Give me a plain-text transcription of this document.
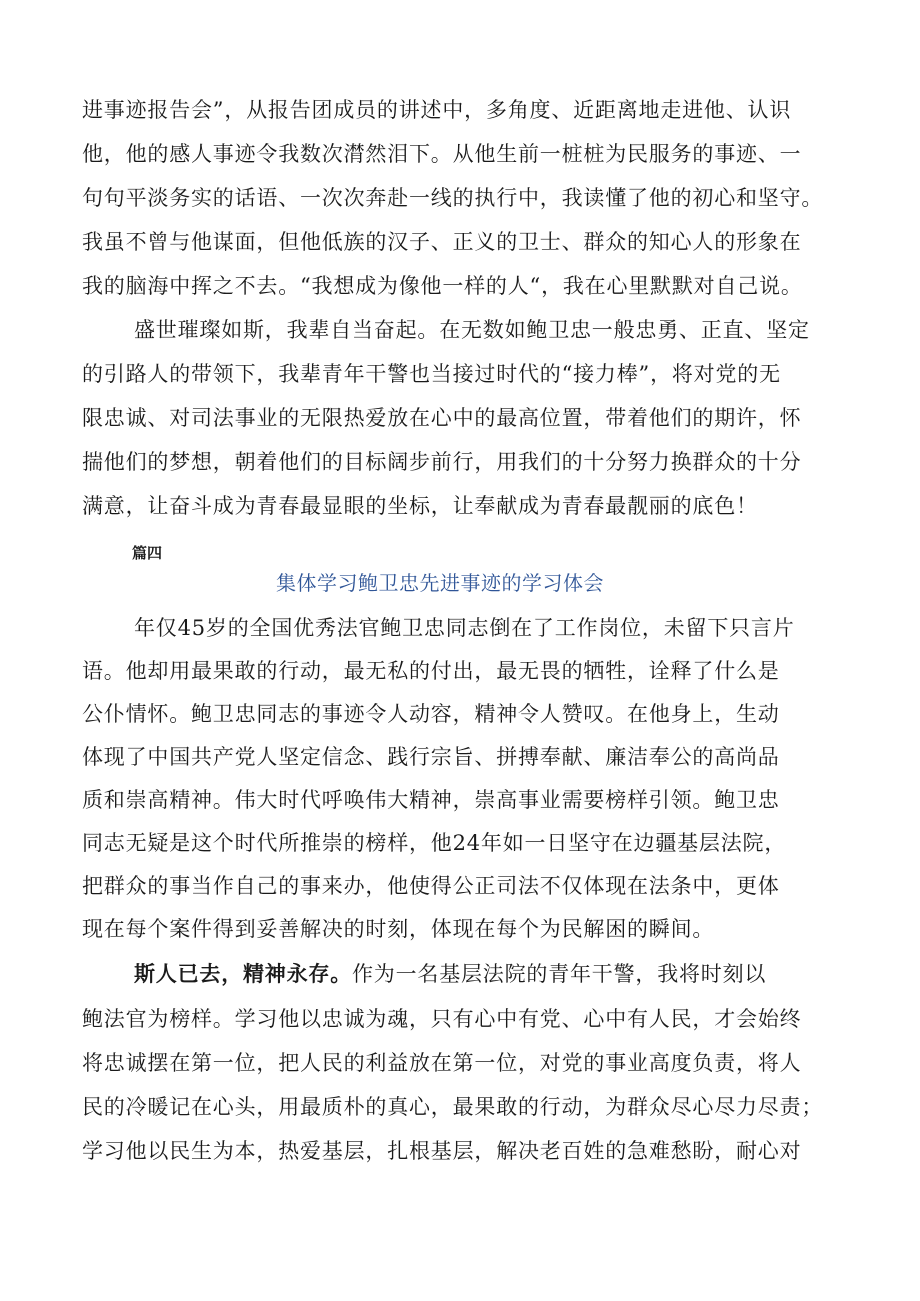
进事迹报告会”，从报告团成员的讲述中，多角度、近距离地走进他、认识
他，他的感人事迹令我数次潸然泪下。从他生前一桩桩为民服务的事迹、一
句句平淡务实的话语、一次次奔赴一线的执行中，我读懂了他的初心和坚守。
我虽不曾与他谋面，但他低族的汉子、正义的卫士、群众的知心人的形象在
我的脑海中挥之不去。“我想成为像他一样的人“，我在心里默默对自己说。
盛世璀璨如斯，我辈自当奋起。在无数如鲍卫忠一般忠勇、正直、坚定
的引路人的带领下，我辈青年干警也当接过时代的“接力棒”，将对党的无
限忠诚、对司法事业的无限热爱放在心中的最高位置，带着他们的期许，怀
揣他们的梦想，朝着他们的目标阔步前行，用我们的十分努力换群众的十分
满意，让奋斗成为青春最显眼的坐标，让奉献成为青春最靓丽的底色！
篇四
集体学习鲍卫忠先进事迹的学习体会
年仅45岁的全国优秀法官鲍卫忠同志倒在了工作岗位，未留下只言片
语。他却用最果敢的行动，最无私的付出，最无畏的牺牲，诠释了什么是
公仆情怀。鲍卫忠同志的事迹令人动容，精神令人赞叹。在他身上，生动
体现了中国共产党人坚定信念、践行宗旨、拼搏奉献、廉洁奉公的高尚品
质和崇高精神。伟大时代呼唤伟大精神，崇高事业需要榜样引领。鲍卫忠
同志无疑是这个时代所推崇的榜样，他24年如一日坚守在边疆基层法院，
把群众的事当作自己的事来办，他使得公正司法不仅体现在法条中，更体
现在每个案件得到妥善解决的时刻，体现在每个为民解困的瞬间。
斯人已去，精神永存。作为一名基层法院的青年干警，我将时刻以
鲍法官为榜样。学习他以忠诚为魂，只有心中有党、心中有人民，才会始终
将忠诚摆在第一位，把人民的利益放在第一位，对党的事业高度负责，将人
民的冷暖记在心头，用最质朴的真心，最果敢的行动，为群众尽心尽力尽责；
学习他以民生为本，热爱基层，扎根基层，解决老百姓的急难愁盼，耐心对
